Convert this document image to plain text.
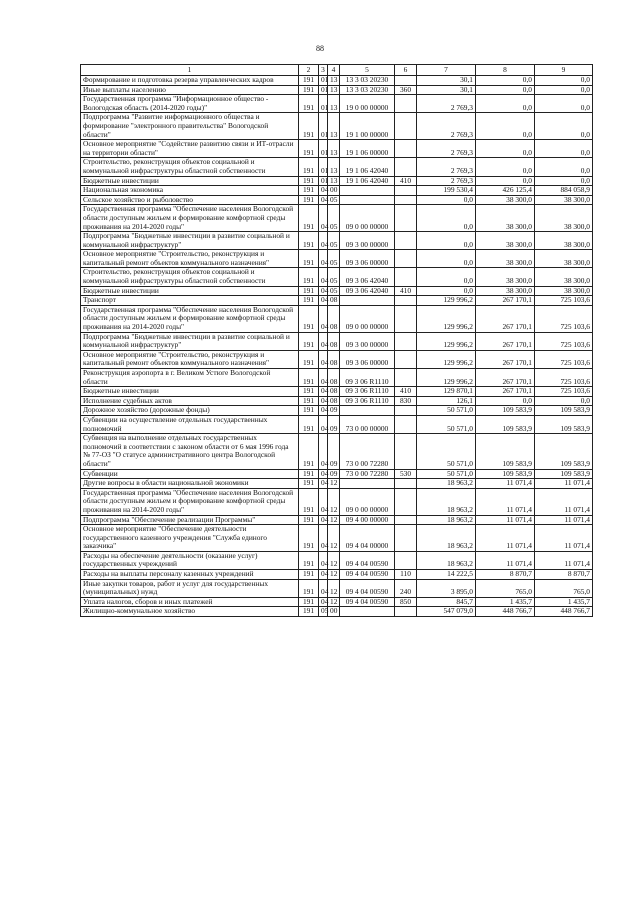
88
1	2	3	4	5	6	7	8	9
Формирование и подготовка резерва управленческих кадров	191	01	13	13 3 03 20230		30,1	0,0	0,0
Иные выплаты населению	191	01	13	13 3 03 20230	360	30,1	0,0	0,0
Государственная программа "Информационное общество - Вологодская область (2014-2020 годы)"	191	01	13	19 0 00 00000		2 769,3	0,0	0,0
Подпрограмма "Развитие информационного общества и формирование "электронного правительства" Вологодской области"	191	01	13	19 1 00 00000		2 769,3	0,0	0,0
Основное мероприятие "Содействие развитию связи и ИТ-отрасли на территории области"	191	01	13	19 1 06 00000		2 769,3	0,0	0,0
Строительство, реконструкция объектов социальной и коммунальной инфраструктуры областной собственности	191	01	13	19 1 06 42040		2 769,3	0,0	0,0
Бюджетные инвестиции	191	01	13	19 1 06 42040	410	2 769,3	0,0	0,0
Национальная экономика	191	04	00			199 530,4	426 125,4	884 058,9
Сельское хозяйство и рыболовство	191	04	05			0,0	38 300,0	38 300,0
Государственная программа "Обеспечение населения Вологодской области доступным жильем и формирование комфортной среды проживания на 2014-2020 годы"	191	04	05	09 0 00 00000		0,0	38 300,0	38 300,0
Подпрограмма "Бюджетные инвестиции в развитие социальной и коммунальной инфраструктур"	191	04	05	09 3 00 00000		0,0	38 300,0	38 300,0
Основное мероприятие "Строительство, реконструкция и капитальный ремонт объектов коммунального назначения"	191	04	05	09 3 06 00000		0,0	38 300,0	38 300,0
Строительство, реконструкция объектов социальной и коммунальной инфраструктуры областной собственности	191	04	05	09 3 06 42040		0,0	38 300,0	38 300,0
Бюджетные инвестиции	191	04	05	09 3 06 42040	410	0,0	38 300,0	38 300,0
Транспорт	191	04	08			129 996,2	267 170,1	725 103,6
Государственная программа "Обеспечение населения Вологодской области доступным жильем и формирование комфортной среды проживания на 2014-2020 годы"	191	04	08	09 0 00 00000		129 996,2	267 170,1	725 103,6
Подпрограмма "Бюджетные инвестиции в развитие социальной и коммунальной инфраструктур"	191	04	08	09 3 00 00000		129 996,2	267 170,1	725 103,6
Основное мероприятие "Строительство, реконструкция и капитальный ремонт объектов коммунального назначения"	191	04	08	09 3 06 00000		129 996,2	267 170,1	725 103,6
Реконструкция аэропорта в г. Великом Устюге Вологодской области	191	04	08	09 3 06 R1110		129 996,2	267 170,1	725 103,6
Бюджетные инвестиции	191	04	08	09 3 06 R1110	410	129 870,1	267 170,1	725 103,6
Исполнение судебных актов	191	04	08	09 3 06 R1110	830	126,1	0,0	0,0
Дорожное хозяйство (дорожные фонды)	191	04	09			50 571,0	109 583,9	109 583,9
Субвенции на осуществление отдельных государственных полномочий	191	04	09	73 0 00 00000		50 571,0	109 583,9	109 583,9
Субвенция на выполнение отдельных государственных полномочий в соответствии с законом области от 6 мая 1996 года № 77-ОЗ "О статусе административного центра Вологодской области"	191	04	09	73 0 00 72280		50 571,0	109 583,9	109 583,9
Субвенции	191	04	09	73 0 00 72280	530	50 571,0	109 583,9	109 583,9
Другие вопросы в области национальной экономики	191	04	12			18 963,2	11 071,4	11 071,4
Государственная программа "Обеспечение населения Вологодской области доступным жильем и формирование комфортной среды проживания на 2014-2020 годы"	191	04	12	09 0 00 00000		18 963,2	11 071,4	11 071,4
Подпрограмма "Обеспечение реализации Программы"	191	04	12	09 4 00 00000		18 963,2	11 071,4	11 071,4
Основное мероприятие "Обеспечение деятельности государственного казенного учреждения "Служба единого заказчика"	191	04	12	09 4 04 00000		18 963,2	11 071,4	11 071,4
Расходы на обеспечение деятельности (оказание услуг) государственных учреждений	191	04	12	09 4 04 00590		18 963,2	11 071,4	11 071,4
Расходы на выплаты персоналу казенных учреждений	191	04	12	09 4 04 00590	110	14 222,5	8 870,7	8 870,7
Иные закупки товаров, работ и услуг для государственных (муниципальных) нужд	191	04	12	09 4 04 00590	240	3 895,0	765,0	765,0
Уплата налогов, сборов и иных платежей	191	04	12	09 4 04 00590	850	845,7	1 435,7	1 435,7
Жилищно-коммунальное хозяйство	191	05	00			547 079,0	448 766,7	448 766,7
